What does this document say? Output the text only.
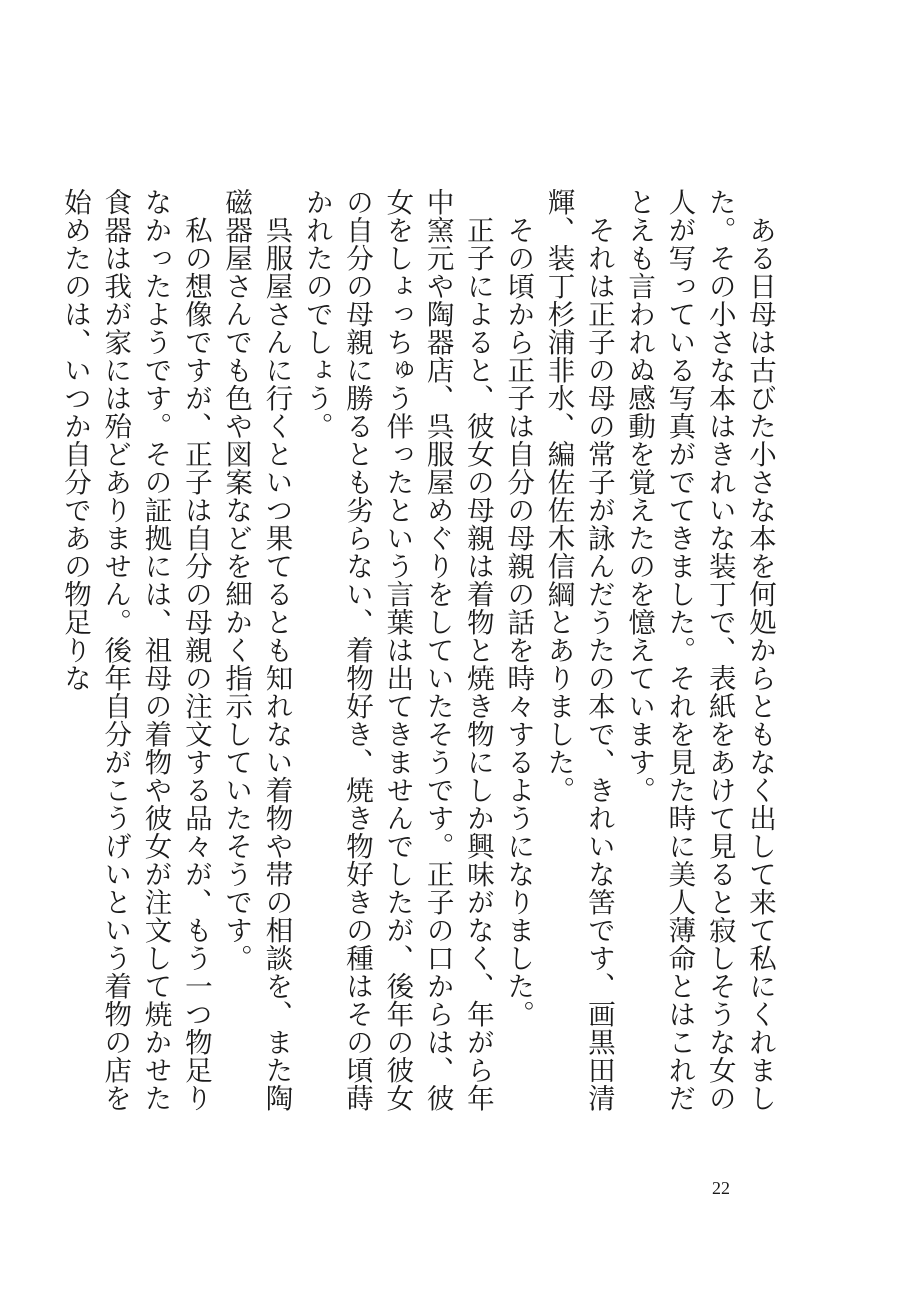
ある日母は古びた小さな本を何処からともなく出して来て私にくれました。その小さな本はきれいな装丁で、表紙をあけて見ると寂しそうな女の人が写っている写真がでてきました。それを見た時に美人薄命とはこれだとえも言われぬ感動を覚えたのを憶えています。

それは正子の母の常子が詠んだうたの本で、きれいな筈です、画黒田清輝、装丁杉浦非水、編佐佐木信綱とありました。

その頃から正子は自分の母親の話を時々するようになりました。

正子によると、彼女の母親は着物と焼き物にしか興味がなく、年がら年中窯元や陶器店、呉服屋めぐりをしていたそうです。正子の口からは、彼女をしょっちゅう伴ったという言葉は出てきませんでしたが、後年の彼女の自分の母親に勝るとも劣らない、着物好き、焼き物好きの種はその頃蒔かれたのでしょう。

呉服屋さんに行くといつ果てるとも知れない着物や帯の相談を、また陶磁器屋さんでも色や図案などを細かく指示していたそうです。

私の想像ですが、正子は自分の母親の注文する品々が、もう一つ物足りなかったようです。その証拠には、祖母の着物や彼女が注文して焼かせた食器は我が家には殆どありません。後年自分がこうげいという着物の店を始めたのは、いつか自分であの物足りな

22
